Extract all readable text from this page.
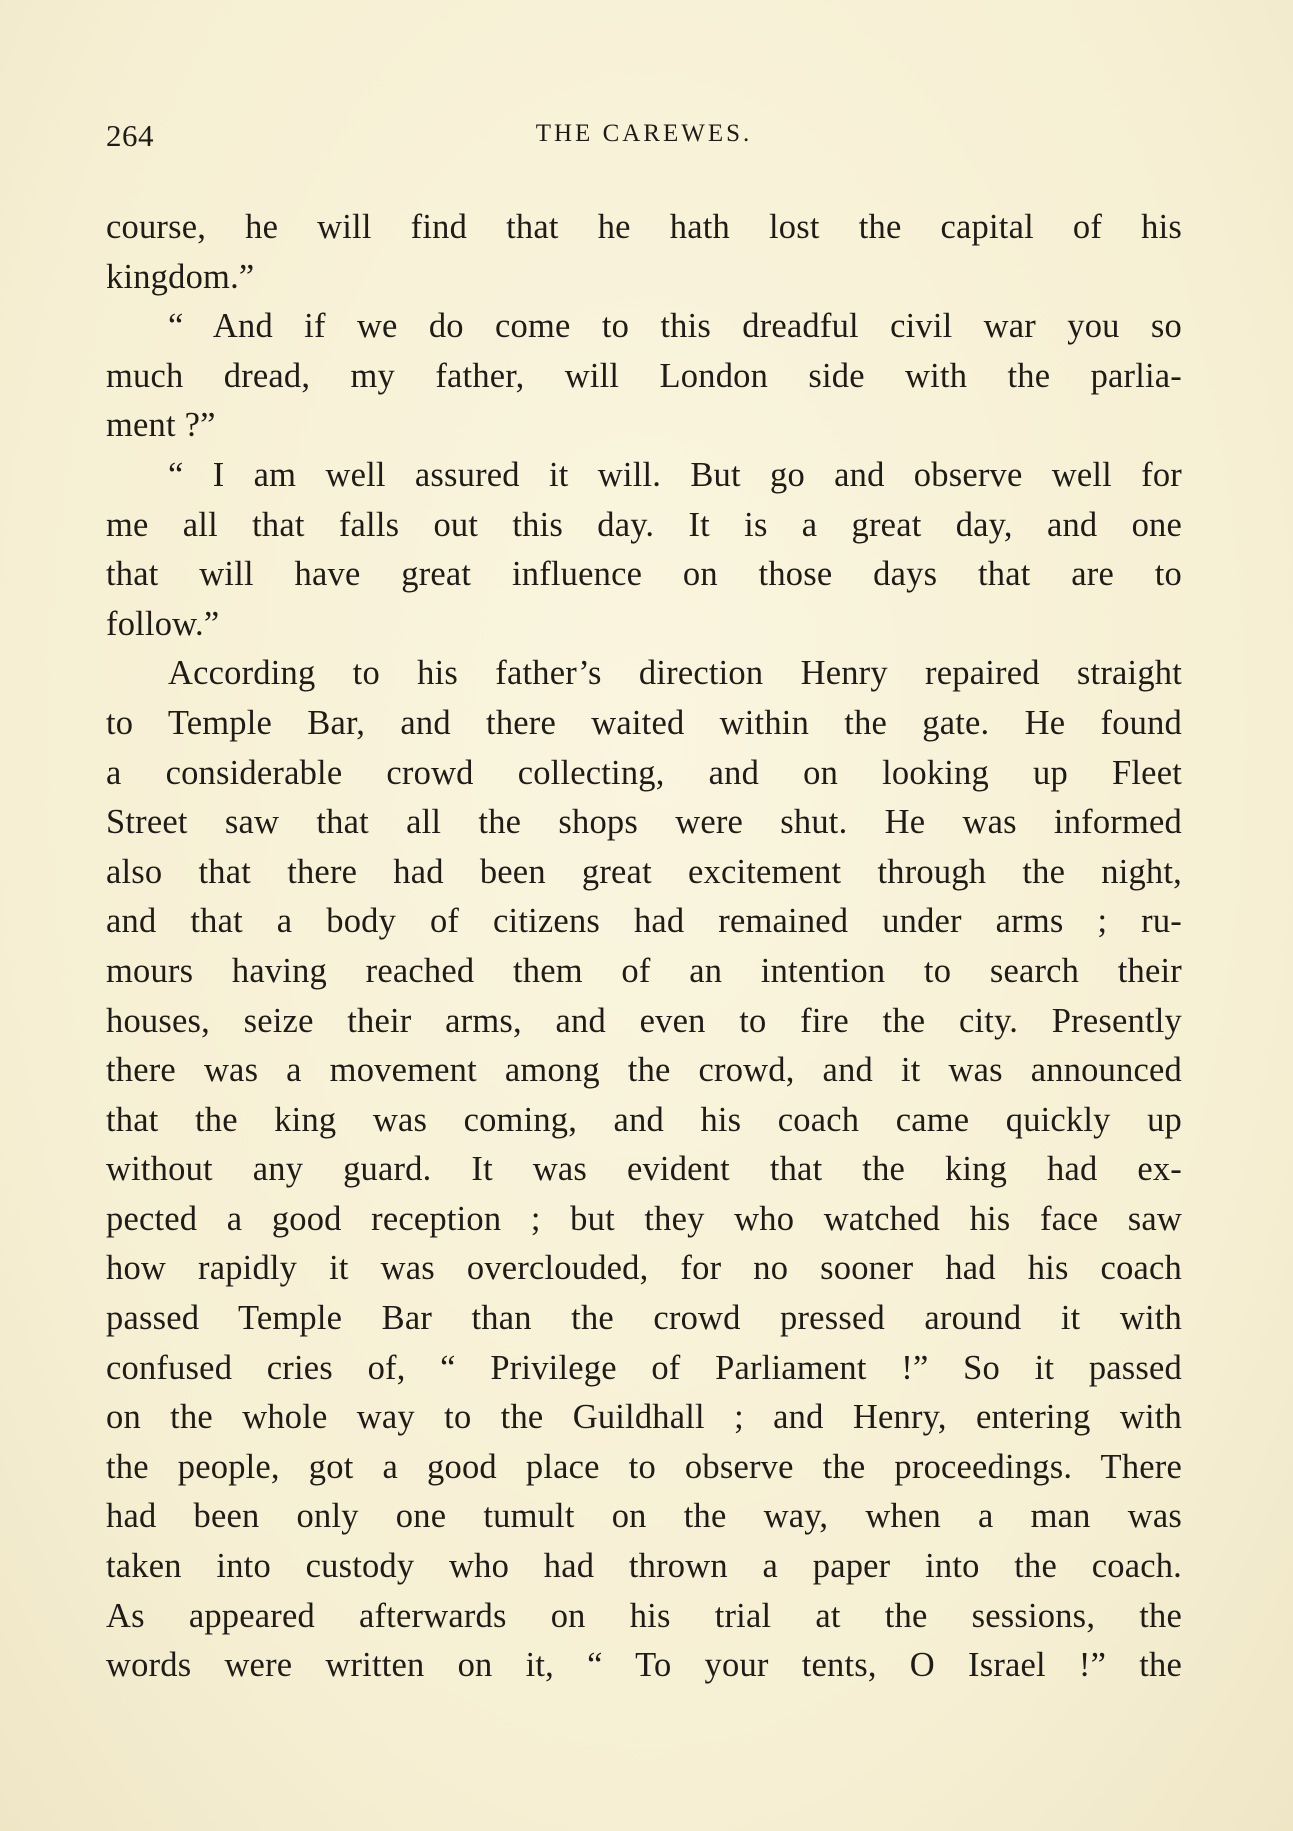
264	THE CAREWES.
course, he will find that he hath lost the capital of his
kingdom.”
“ And if we do come to this dreadful civil war you so
much dread, my father, will London side with the parlia-
ment ?”
“ I am well assured it will. But go and observe well for
me all that falls out this day. It is a great day, and one
that will have great influence on those days that are to
follow.”
According to his father’s direction Henry repaired straight
to Temple Bar, and there waited within the gate. He found
a considerable crowd collecting, and on looking up Fleet
Street saw that all the shops were shut. He was informed
also that there had been great excitement through the night,
and that a body of citizens had remained under arms ; ru-
mours having reached them of an intention to search their
houses, seize their arms, and even to fire the city. Presently
there was a movement among the crowd, and it was announced
that the king was coming, and his coach came quickly up
without any guard. It was evident that the king had ex-
pected a good reception ; but they who watched his face saw
how rapidly it was overclouded, for no sooner had his coach
passed Temple Bar than the crowd pressed around it with
confused cries of, “ Privilege of Parliament !” So it passed
on the whole way to the Guildhall ; and Henry, entering with
the people, got a good place to observe the proceedings. There
had been only one tumult on the way, when a man was
taken into custody who had thrown a paper into the coach.
As appeared afterwards on his trial at the sessions, the
words were written on it, “ To your tents, O Israel !” the
